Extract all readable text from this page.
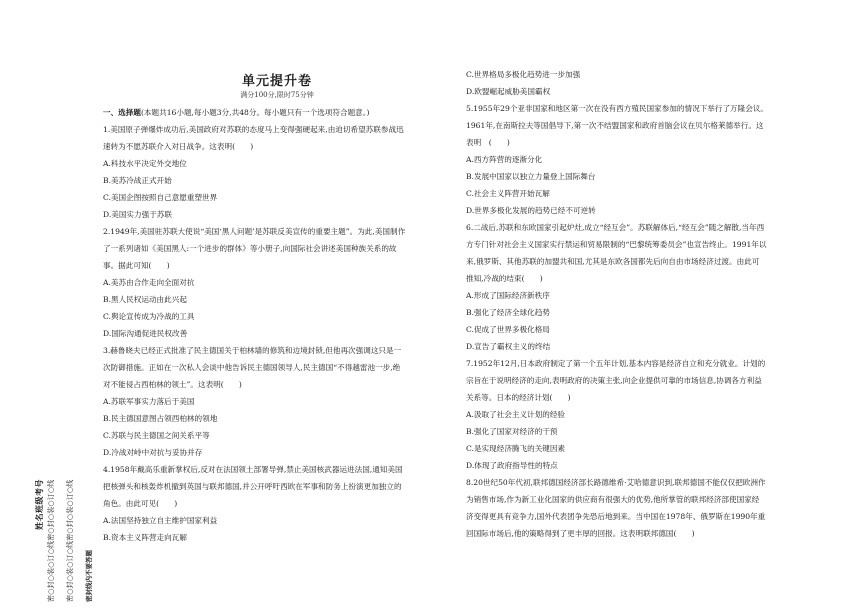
姓名班级考号 密○封○装○订○线密○封○装○订○线 密○封○装○订○线密○封○装○订○线 密封线内不要答题
单元提升卷
满分100分,限时75分钟

一、选择题(本题共16小题,每小题3分,共48分。每小题只有一个选项符合题意。)

1.美国原子弹爆炸成功后,美国政府对苏联的态度马上变得强硬起来,由迫切希望苏联参战迅

速转为不愿苏联介入对日战争。这表明(　　)

A.科技水平决定外交地位

B.美苏冷战正式开始

C.美国企图按照自己意愿重塑世界

D.美国实力强于苏联

2.1949年,美国驻苏联大使说“美国‘黑人问题’是苏联反美宣传的重要主题”。为此,美国制作

了一系列诸如《美国黑人:一个进步的群体》等小册子,向国际社会讲述美国种族关系的故

事。据此可知(　　)

A.美苏由合作走向全面对抗

B.黑人民权运动由此兴起

C.舆论宣传成为冷战的工具

D.国际沟通促进民权改善

3.赫鲁晓夫已经正式批准了民主德国关于柏林墙的修筑和边境封锁,但他再次强调这只是一

次防御措施。正如在一次私人会谈中他告诉民主德国领导人,民主德国“不得越雷池一步,绝

对不能侵占西柏林的领土”。这表明(　　)

A.苏联军事实力落后于美国

B.民主德国意图占领西柏林的领地

C.苏联与民主德国之间关系平等

D.冷战对峙中对抗与妥协并存

4.1958年戴高乐重新掌权后,反对在法国领土部署导弹,禁止美国核武器运进法国,通知美国

把核弹头和核轰炸机撤到英国与联邦德国,并公开呼吁西欧在军事和防务上扮演更加独立的

角色。由此可见(　　)

A.法国坚持独立自主维护国家利益

B.资本主义阵营走向瓦解

C.世界格局多极化趋势进一步加强

D.欧盟崛起威胁美国霸权

5.1955年29个亚非国家和地区第一次在没有西方殖民国家参加的情况下举行了万隆会议。

1961年,在南斯拉夫等国倡导下,第一次不结盟国家和政府首脑会议在贝尔格莱德举行。这

表明　(　　)

A.西方阵营的逐渐分化

B.发展中国家以独立力量登上国际舞台

C.社会主义阵营开始瓦解

D.世界多极化发展的趋势已经不可逆转

6.二战后,苏联和东欧国家引起炉灶,成立“经互会”。苏联解体后,“经互会”随之解散,当年西

方专门针对社会主义国家实行禁运和贸易限制的“巴黎统筹委员会”也宣告终止。1991年以

来,俄罗斯、其他苏联的加盟共和国,尤其是东欧各国都先后向自由市场经济过渡。由此可

推知,冷战的结束(　　)

A.形成了国际经济新秩序

B.强化了经济全球化趋势

C.促成了世界多极化格局

D.宣告了霸权主义的终结

7.1952年12月,日本政府制定了第一个五年计划,基本内容是经济自立和充分就业。计划的

宗旨在于说明经济的走向,表明政府的决策主张,向企业提供可靠的市场信息,协调各方利益

关系等。日本的经济计划(　　)

A.汲取了社会主义计划的经验

B.强化了国家对经济的干预

C.是实现经济腾飞的关键因素

D.体现了政府指导性的特点

8.20世纪50年代初,联邦德国经济部长路德维希·艾哈德意识到,联邦德国不能仅仅把欧洲作

为销售市场,作为新工业化国家的供应商有很强大的优势,他所掌管的联邦经济部使国家经

济变得更具有竞争力,国外代表团争先恐后地到来。当中国在1978年、俄罗斯在1990年重

回国际市场后,他的策略得到了更丰厚的回报。这表明联邦德国(　　)
